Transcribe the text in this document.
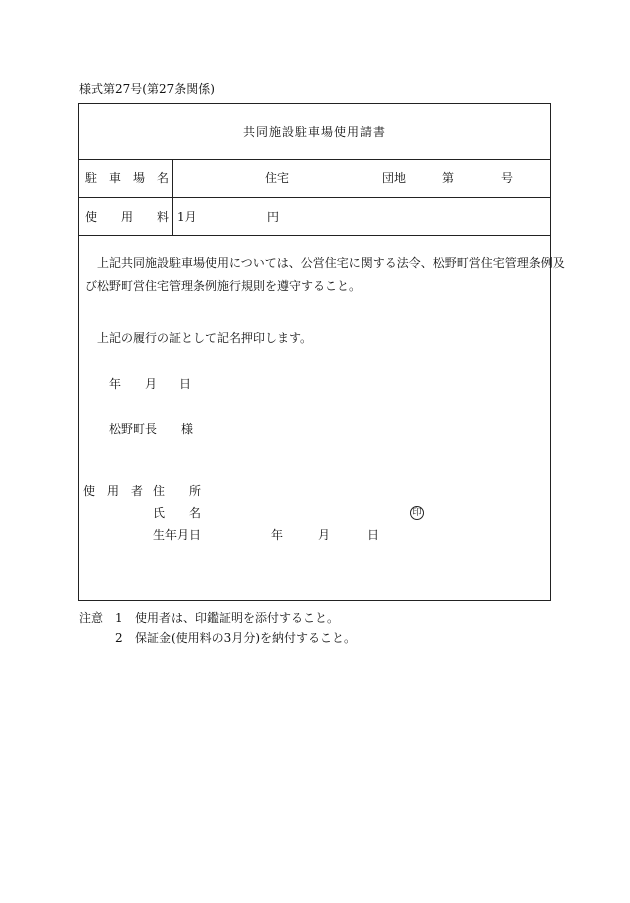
様式第27号(第27条関係)
共同施設駐車場使用請書
駐　車　場　名	住宅	団地	第	号
使　　用　　料 1月	円
上記共同施設駐車場使用については、公営住宅に関する法令、松野町営住宅管理条例及
び松野町営住宅管理条例施行規則を遵守すること。
上記の履行の証として記名押印します。
年 月 日
松野町長　　様
使　用　者 住　　所
氏　　名	印
生年月日	年	月	日
注意 1 使用者は、印鑑証明を添付すること。
2 保証金(使用料の3月分)を納付すること。
